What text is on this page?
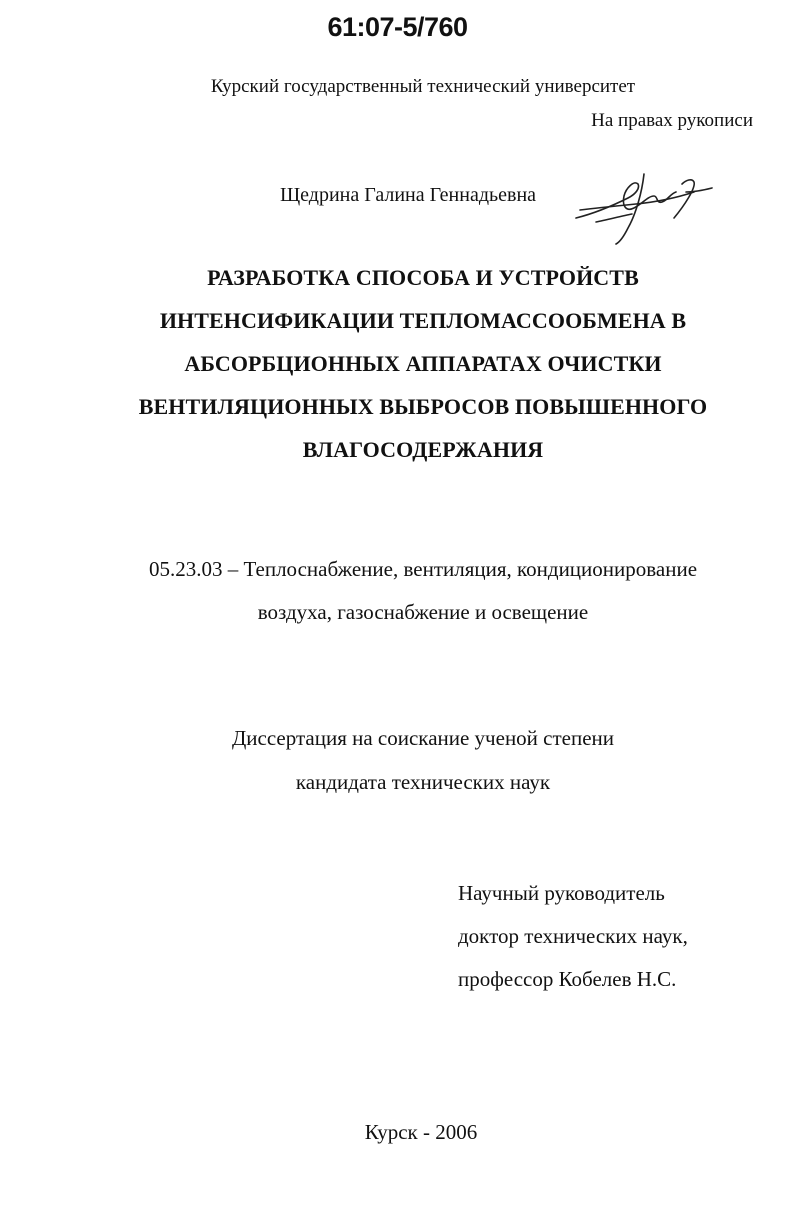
61:07-5/760
Курский государственный технический университет
На правах рукописи
Щедрина Галина Геннадьевна
РАЗРАБОТКА СПОСОБА И УСТРОЙСТВ
ИНТЕНСИФИКАЦИИ ТЕПЛОМАССООБМЕНА В
АБСОРБЦИОННЫХ АППАРАТАХ ОЧИСТКИ
ВЕНТИЛЯЦИОННЫХ ВЫБРОСОВ ПОВЫШЕННОГО
ВЛАГОСОДЕРЖАНИЯ
05.23.03 – Теплоснабжение, вентиляция, кондиционирование
воздуха, газоснабжение и освещение
Диссертация на соискание ученой степени
кандидата технических наук
Научный руководитель
доктор технических наук,
профессор Кобелев Н.С.
Курск - 2006
